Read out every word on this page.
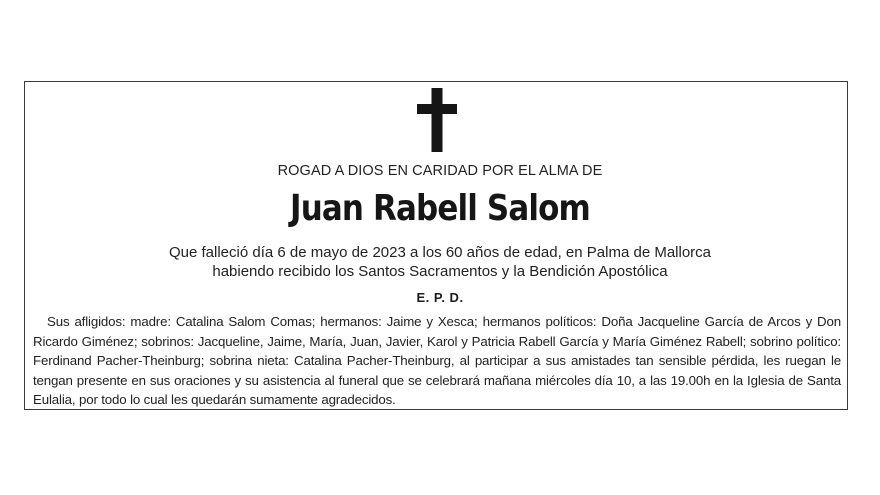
ROGAD A DIOS EN CARIDAD POR EL ALMA DE
Juan Rabell Salom
Que falleció día 6 de mayo de 2023 a los 60 años de edad, en Palma de Mallorca
habiendo recibido los Santos Sacramentos y la Bendición Apostólica
E. P. D.

Sus afligidos: madre: Catalina Salom Comas; hermanos: Jaime y Xesca; hermanos políticos: Doña Jacqueline García de Arcos y Don Ricardo Giménez; sobrinos: Jacqueline, Jaime, María, Juan, Javier, Karol y Patricia Rabell García y María Giménez Rabell; sobrino político: Ferdinand Pacher-Theinburg; sobrina nieta: Catalina Pacher-Theinburg, al participar a sus amistades tan sensible pérdida, les ruegan le tengan presente en sus oraciones y su asistencia al funeral que se celebrará mañana miércoles día 10, a las 19.00h en la Iglesia de Santa Eulalia, por todo lo cual les quedarán sumamente agradecidos.
